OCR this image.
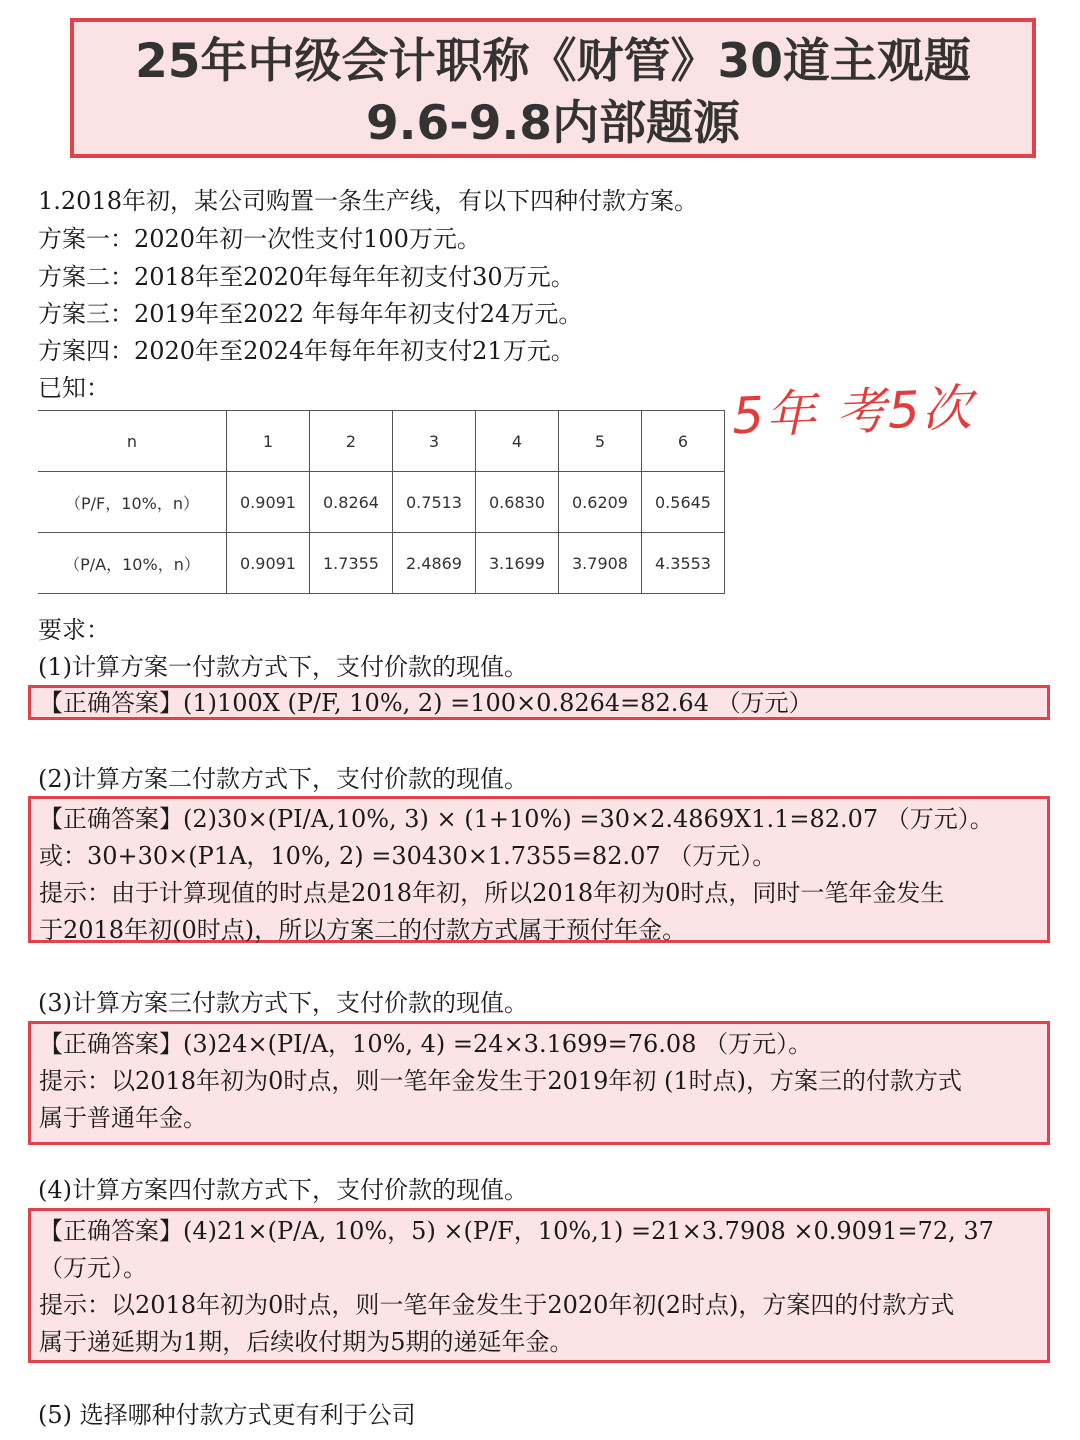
25年中级会计职称《财管》30道主观题
9.6-9.8内部题源
1.2018年初，某公司购置一条生产线，有以下四种付款方案。
方案一：2020年初一次性支付100万元。
方案二：2018年至2020年每年年初支付30万元。
方案三：2019年至2022 年每年年初支付24万元。
方案四：2020年至2024年每年年初支付21万元。
已知：	5年 考5次
n	1	2	3	4	5	6
（P/F，10%，n）	0.9091	0.8264	0.7513	0.6830	0.6209	0.5645
（P/A，10%，n）	0.9091	1.7355	2.4869	3.1699	3.7908	4.3553
要求：
(1)计算方案一付款方式下，支付价款的现值。
【正确答案】(1)100X (P/F, 10%, 2) =100×0.8264=82.64 （万元）
(2)计算方案二付款方式下，支付价款的现值。
【正确答案】(2)30×(PI/A,10%, 3) × (1+10%) =30×2.4869X1.1=82.07 （万元）。
或：30+30×(P1A，10%, 2) =30430×1.7355=82.07 （万元）。
提示：由于计算现值的时点是2018年初，所以2018年初为0时点，同时一笔年金发生
于2018年初(0时点)，所以方案二的付款方式属于预付年金。
(3)计算方案三付款方式下，支付价款的现值。
【正确答案】(3)24×(PI/A，10%, 4) =24×3.1699=76.08 （万元）。
提示：以2018年初为0时点，则一笔年金发生于2019年初 (1时点)，方案三的付款方式
属于普通年金。
(4)计算方案四付款方式下，支付价款的现值。
【正确答案】(4)21×(P/A, 10%，5) ×(P/F，10%,1) =21×3.7908 ×0.9091=72, 37
（万元）。
提示：以2018年初为0时点，则一笔年金发生于2020年初(2时点)，方案四的付款方式
属于递延期为1期，后续收付期为5期的递延年金。
(5) 选择哪种付款方式更有利于公司
